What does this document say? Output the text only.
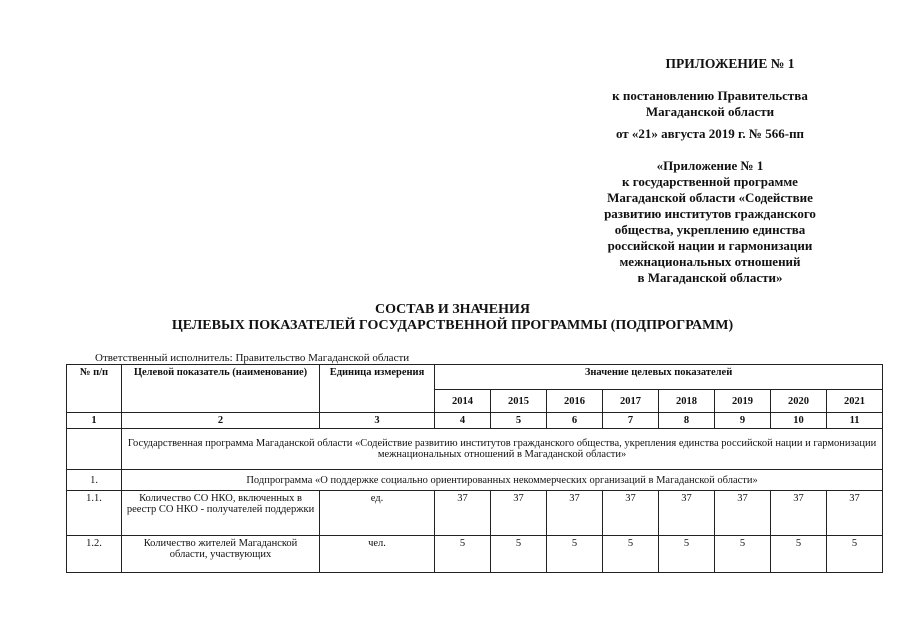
ПРИЛОЖЕНИЕ № 1
к постановлению Правительства
Магаданской области
от «21» августа 2019 г. № 566-пп
«Приложение № 1
к государственной программе
Магаданской области «Содействие
развитию институтов гражданского
общества, укреплению единства
российской нации и гармонизации
межнациональных отношений
в Магаданской области»
СОСТАВ И ЗНАЧЕНИЯ
ЦЕЛЕВЫХ ПОКАЗАТЕЛЕЙ ГОСУДАРСТВЕННОЙ ПРОГРАММЫ (ПОДПРОГРАММ)
Ответственный исполнитель: Правительство Магаданской области
№ п/п	Целевой показатель (наименование)	Единица измерения	Значение целевых показателей							
			2014	2015	2016	2017	2018	2019	2020	2021
1	2	3	4	5	6	7	8	9	10	11
	Государственная программа Магаданской области «Содействие развитию институтов гражданского общества, укрепления единства российской нации и гармонизации межнациональных отношений в Магаданской области»									
1.	Подпрограмма «О поддержке социально ориентированных некоммерческих организаций в Магаданской области»									
1.1.	Количество СО НКО, включенных в реестр СО НКО - получателей поддержки	ед.	37	37	37	37	37	37	37	37
1.2.	Количество жителей Магаданской области, участвующих	чел.	5	5	5	5	5	5	5	5
